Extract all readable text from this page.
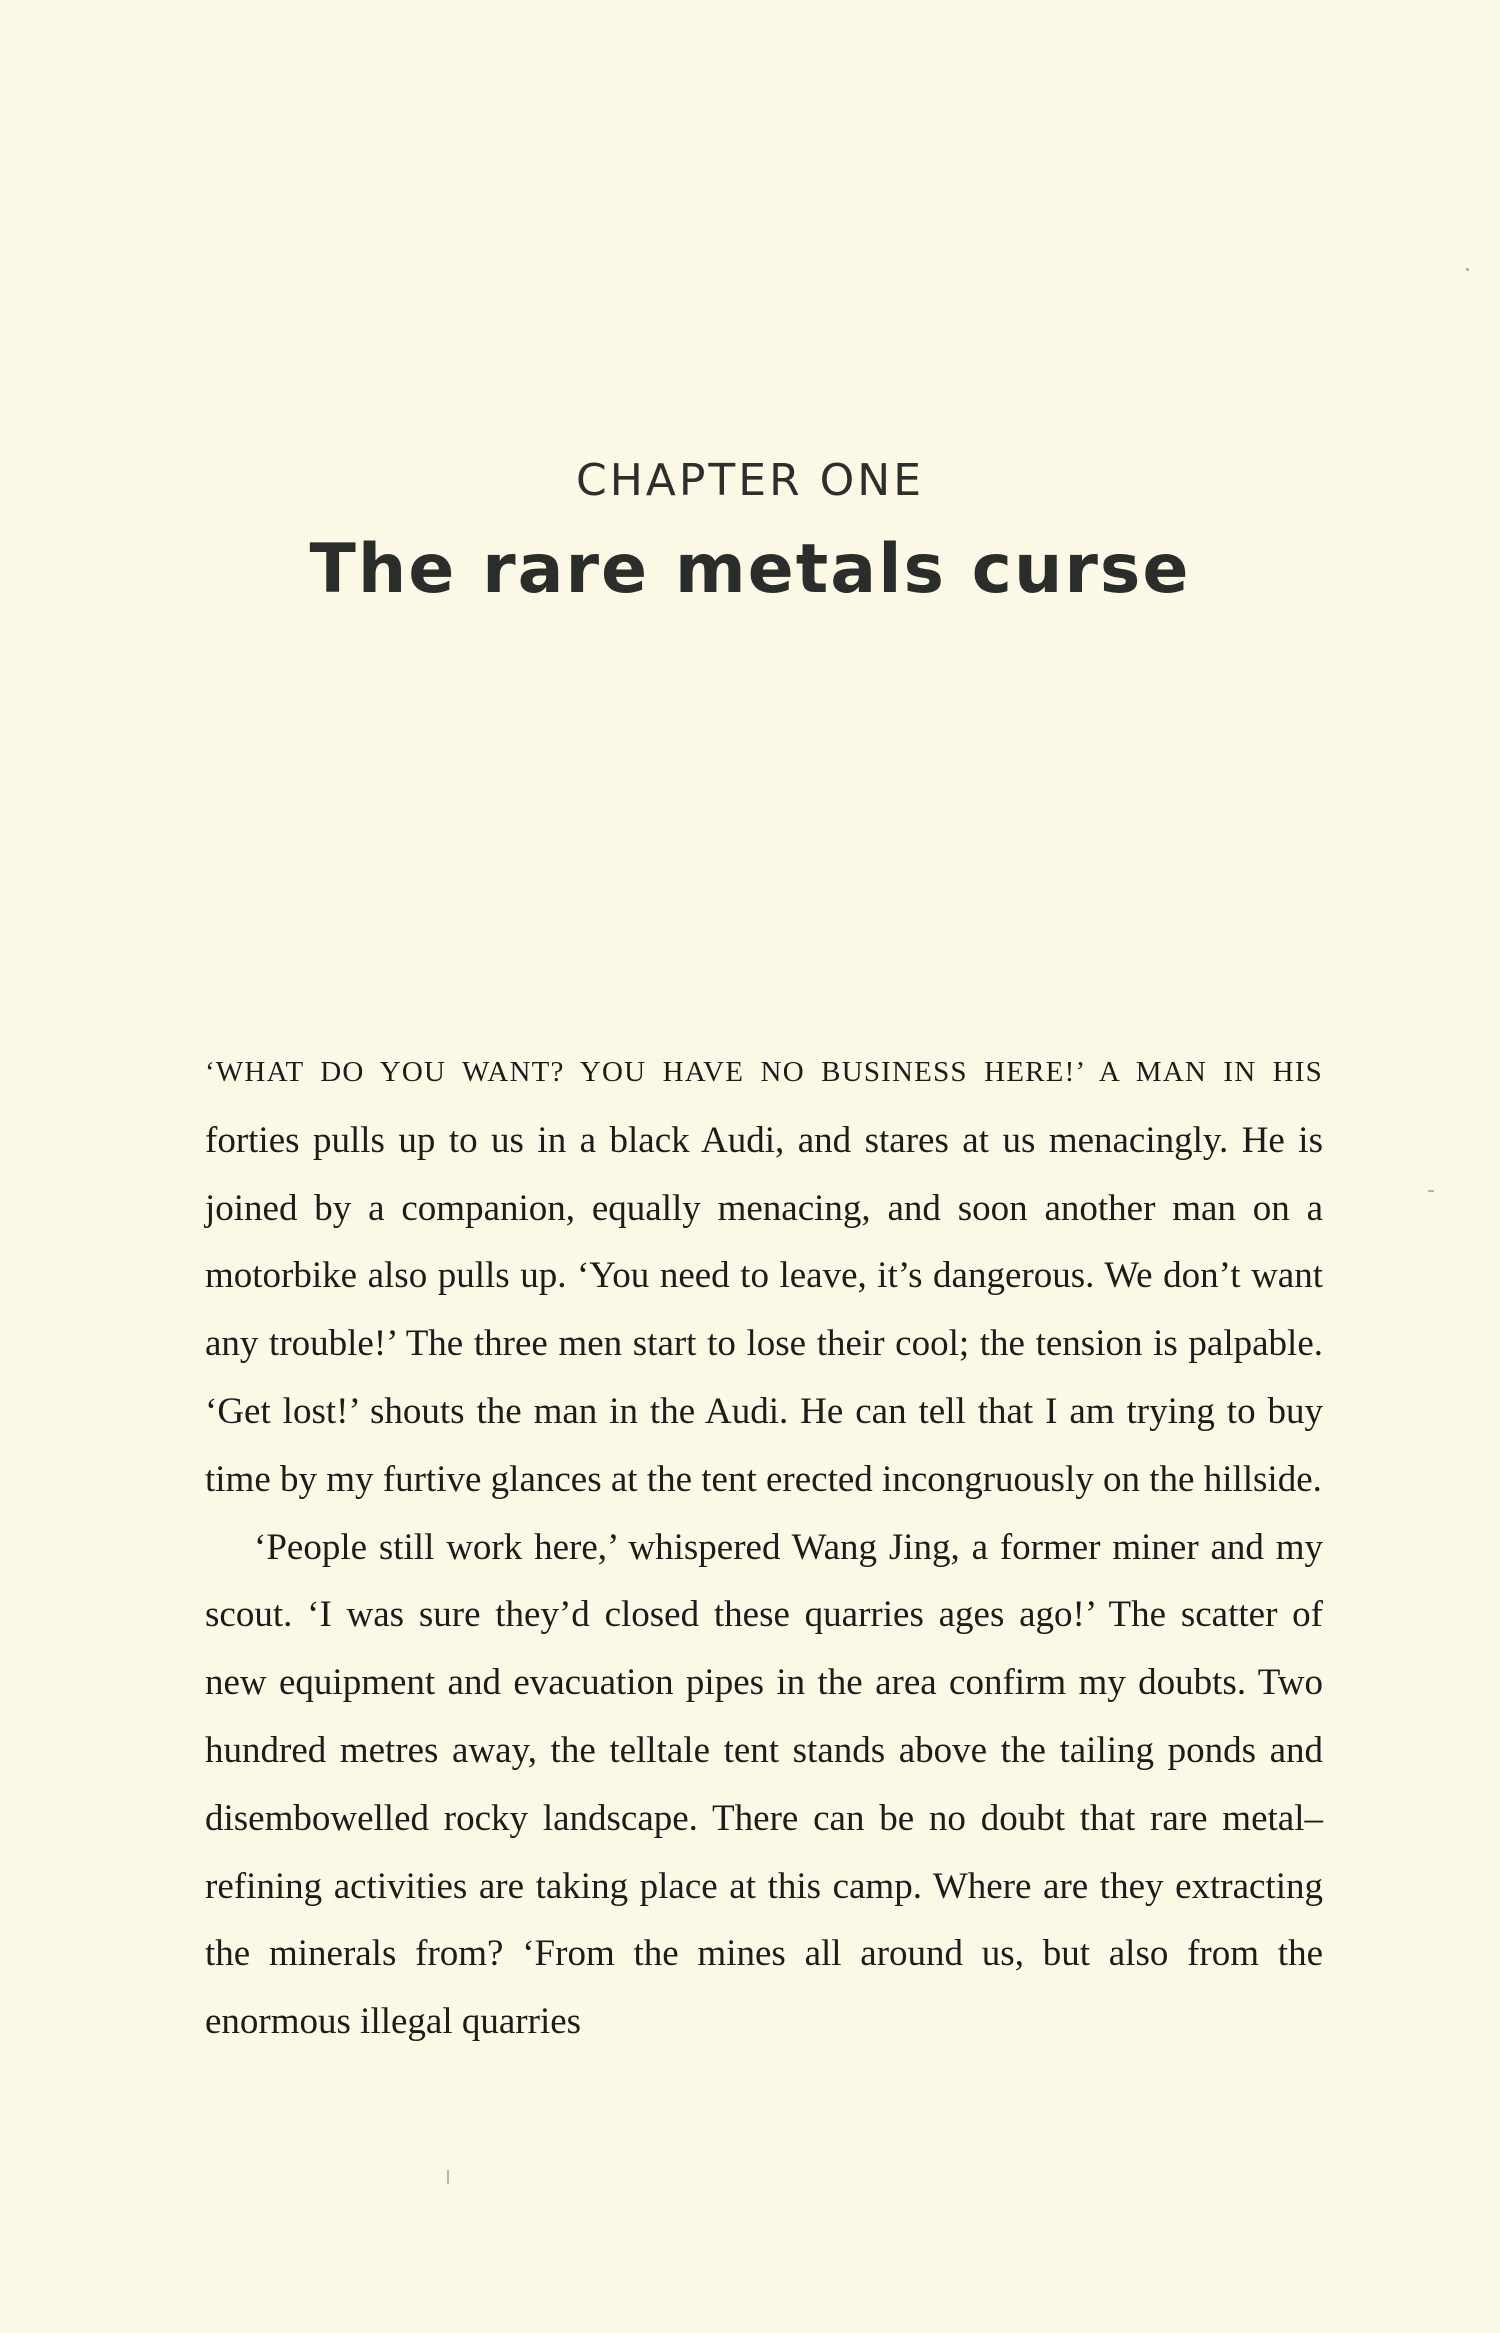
CHAPTER ONE
The rare metals curse

‘WHAT DO YOU WANT? YOU HAVE NO BUSINESS HERE!’ A MAN IN HIS forties pulls up to us in a black Audi, and stares at us menacingly. He is joined by a companion, equally menacing, and soon another man on a motorbike also pulls up. ‘You need to leave, it’s dangerous. We don’t want any trouble!’ The three men start to lose their cool; the tension is palpable. ‘Get lost!’ shouts the man in the Audi. He can tell that I am trying to buy time by my furtive glances at the tent erected incongruously on the hillside.

‘People still work here,’ whispered Wang Jing, a former miner and my scout. ‘I was sure they’d closed these quarries ages ago!’ The scatter of new equipment and evacuation pipes in the area confirm my doubts. Two hundred metres away, the telltale tent stands above the tailing ponds and disembowelled rocky landscape. There can be no doubt that rare metal–refining activities are taking place at this camp. Where are they extracting the minerals from? ‘From the mines all around us, but also from the enormous illegal quarries
